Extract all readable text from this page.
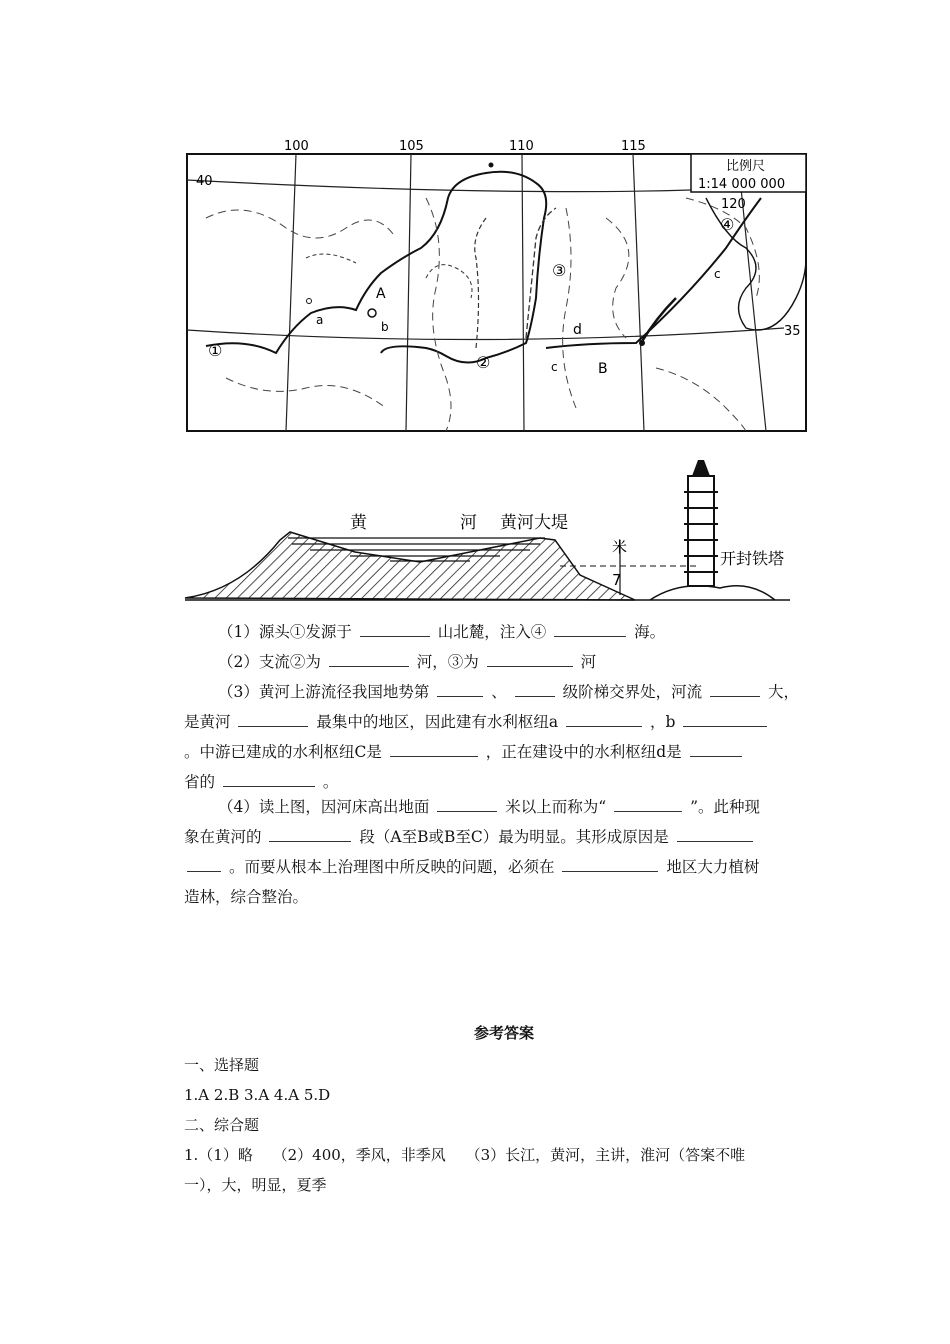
100	105	110	115
120
40
35
比例尺
1:14 000 000
①
②
③
④
A
B
a	b
c
c
d
黄	河 黄河大堤
米
7
开封铁塔

（1）源头①发源于	山北麓，注入④	海。

（2）支流②为	河，③为	河

（3）黄河上游流径我国地势第	、	级阶梯交界处，河流	大，

是黄河	最集中的地区，因此建有水利枢纽a	，b

。中游已建成的水利枢纽C是	，正在建设中的水利枢纽d是

省的	。

（4）读上图，因河床高出地面	米以上而称为“	”。此种现

象在黄河的	段（A至B或B至C）最为明显。其形成原因是

。而要从根本上治理图中所反映的问题，必须在	地区大力植树

造林，综合整治。

参考答案

一、选择题

1.A 2.B 3.A 4.A 5.D

二、综合题

1.（1）略　 （2）400，季风，非季风　 （3）长江，黄河，主讲，淮河（答案不唯

一），大，明显，夏季
